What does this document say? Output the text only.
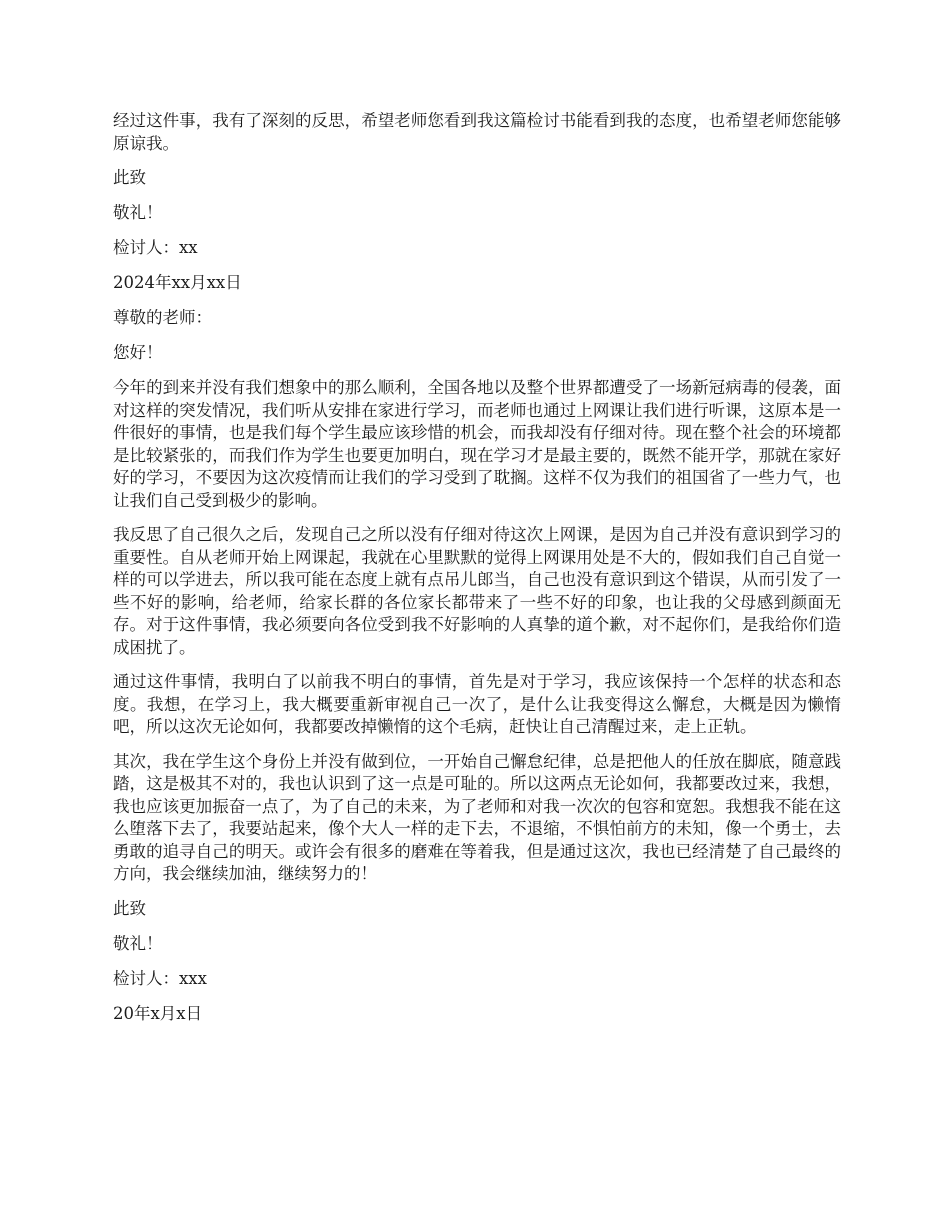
经过这件事，我有了深刻的反思，希望老师您看到我这篇检讨书能看到我的态度，也希望老师您能够原谅我。

此致

敬礼！

检讨人：xx

2024年xx月xx日

尊敬的老师：

您好！

今年的到来并没有我们想象中的那么顺利，全国各地以及整个世界都遭受了一场新冠病毒的侵袭，面对这样的突发情况，我们听从安排在家进行学习，而老师也通过上网课让我们进行听课，这原本是一件很好的事情，也是我们每个学生最应该珍惜的机会，而我却没有仔细对待。现在整个社会的环境都是比较紧张的，而我们作为学生也要更加明白，现在学习才是最主要的，既然不能开学，那就在家好好的学习，不要因为这次疫情而让我们的学习受到了耽搁。这样不仅为我们的祖国省了一些力气，也让我们自己受到极少的影响。

我反思了自己很久之后，发现自己之所以没有仔细对待这次上网课，是因为自己并没有意识到学习的重要性。自从老师开始上网课起，我就在心里默默的觉得上网课用处是不大的，假如我们自己自觉一样的可以学进去，所以我可能在态度上就有点吊儿郎当，自己也没有意识到这个错误，从而引发了一些不好的影响，给老师，给家长群的各位家长都带来了一些不好的印象，也让我的父母感到颜面无存。对于这件事情，我必须要向各位受到我不好影响的人真挚的道个歉，对不起你们，是我给你们造成困扰了。

通过这件事情，我明白了以前我不明白的事情，首先是对于学习，我应该保持一个怎样的状态和态度。我想，在学习上，我大概要重新审视自己一次了，是什么让我变得这么懈怠，大概是因为懒惰吧，所以这次无论如何，我都要改掉懒惰的这个毛病，赶快让自己清醒过来，走上正轨。

其次，我在学生这个身份上并没有做到位，一开始自己懈怠纪律，总是把他人的任放在脚底，随意践踏，这是极其不对的，我也认识到了这一点是可耻的。所以这两点无论如何，我都要改过来，我想，我也应该更加振奋一点了，为了自己的未来，为了老师和对我一次次的包容和宽恕。我想我不能在这么堕落下去了，我要站起来，像个大人一样的走下去，不退缩，不惧怕前方的未知，像一个勇士，去勇敢的追寻自己的明天。或许会有很多的磨难在等着我，但是通过这次，我也已经清楚了自己最终的方向，我会继续加油，继续努力的！

此致

敬礼！

检讨人：xxx

20年x月x日
